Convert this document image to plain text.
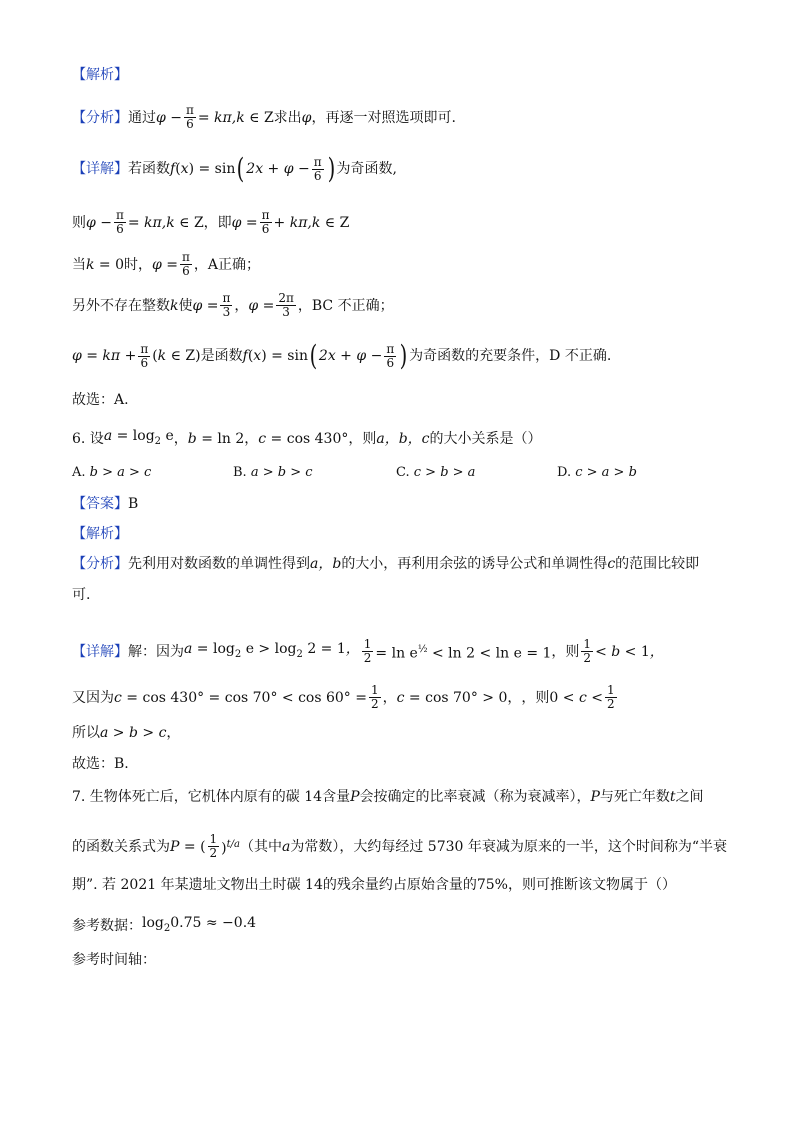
【解析】
【分析】 通过 $\varphi - \frac{\pi}{6} = k\pi,k$ ∈ Z 求出 φ ，再逐一对照选项即可.
【详解】 若函数 f(x) = sin ( $2x + \varphi - \frac{\pi}{6}$ ) 为奇函数,
则 $\varphi - \frac{\pi}{6} = k\pi,k$ ∈ Z ，即 $\varphi = \frac{\pi}{6} + k\pi,k$ ∈ Z
当 k = 0 时， $\varphi = \frac{\pi}{6}$ ，A正确；
另外不存在整数 k 使 $\varphi = \frac{\pi}{3}$ ， $\varphi = \frac{2\pi}{3}$ ，BC 不正确；
$\varphi = k\pi + \frac{\pi}{6} (k$ ∈ Z) 是函数 f(x) = sin ( $2x + \varphi - \frac{\pi}{6}$ ) 为奇函数的充要条件，D 不正确.
故选：A.
6. 设 $a = \log_2 e$ ， b = ln 2 ， c = cos 430° ，则 a，b，c 的大小关系是（）
A. b > a > c	B. a > b > c	C. c > b > a	D. c > a > b
【答案】 B
【解析】
【分析】 先利用对数函数的单调性得到 a，b 的大小，再利用余弦的诱导公式和单调性得 c 的范围比较即
可.
【详解】 解：因为 $a = \log_2 e > \log_2 2 = 1$， $\frac{1}{2} = \ln e^{\frac{1}{2}} < \ln 2 < \ln e = 1$ ，则 $\frac{1}{2} < b < 1$，
又因为 $c = \cos 430^\circ = \cos 70^\circ < \cos 60^\circ = \frac{1}{2}$ ， c = cos 70° > 0 ， ，则 $0 < c < \frac{1}{2}$
所以 a > b > c ，
故选：B.
7. 生物体死亡后，它机体内原有的碳 14含量 P 会按确定的比率衰减（称为衰减率）， P 与死亡年数 t 之间
的函数关系式为 P = ( $\frac{1}{2} )^{t/a}$ （其中 a 为常数），大约每经过 5730 年衰减为原来的一半，这个时间称为“半衰
期”. 若 2021 年某遗址文物出土时碳 14的残余量约占原始含量的 75% ，则可推断该文物属于（）
参考数据： $\log_20.75 \approx -0.4$
参考时间轴：
